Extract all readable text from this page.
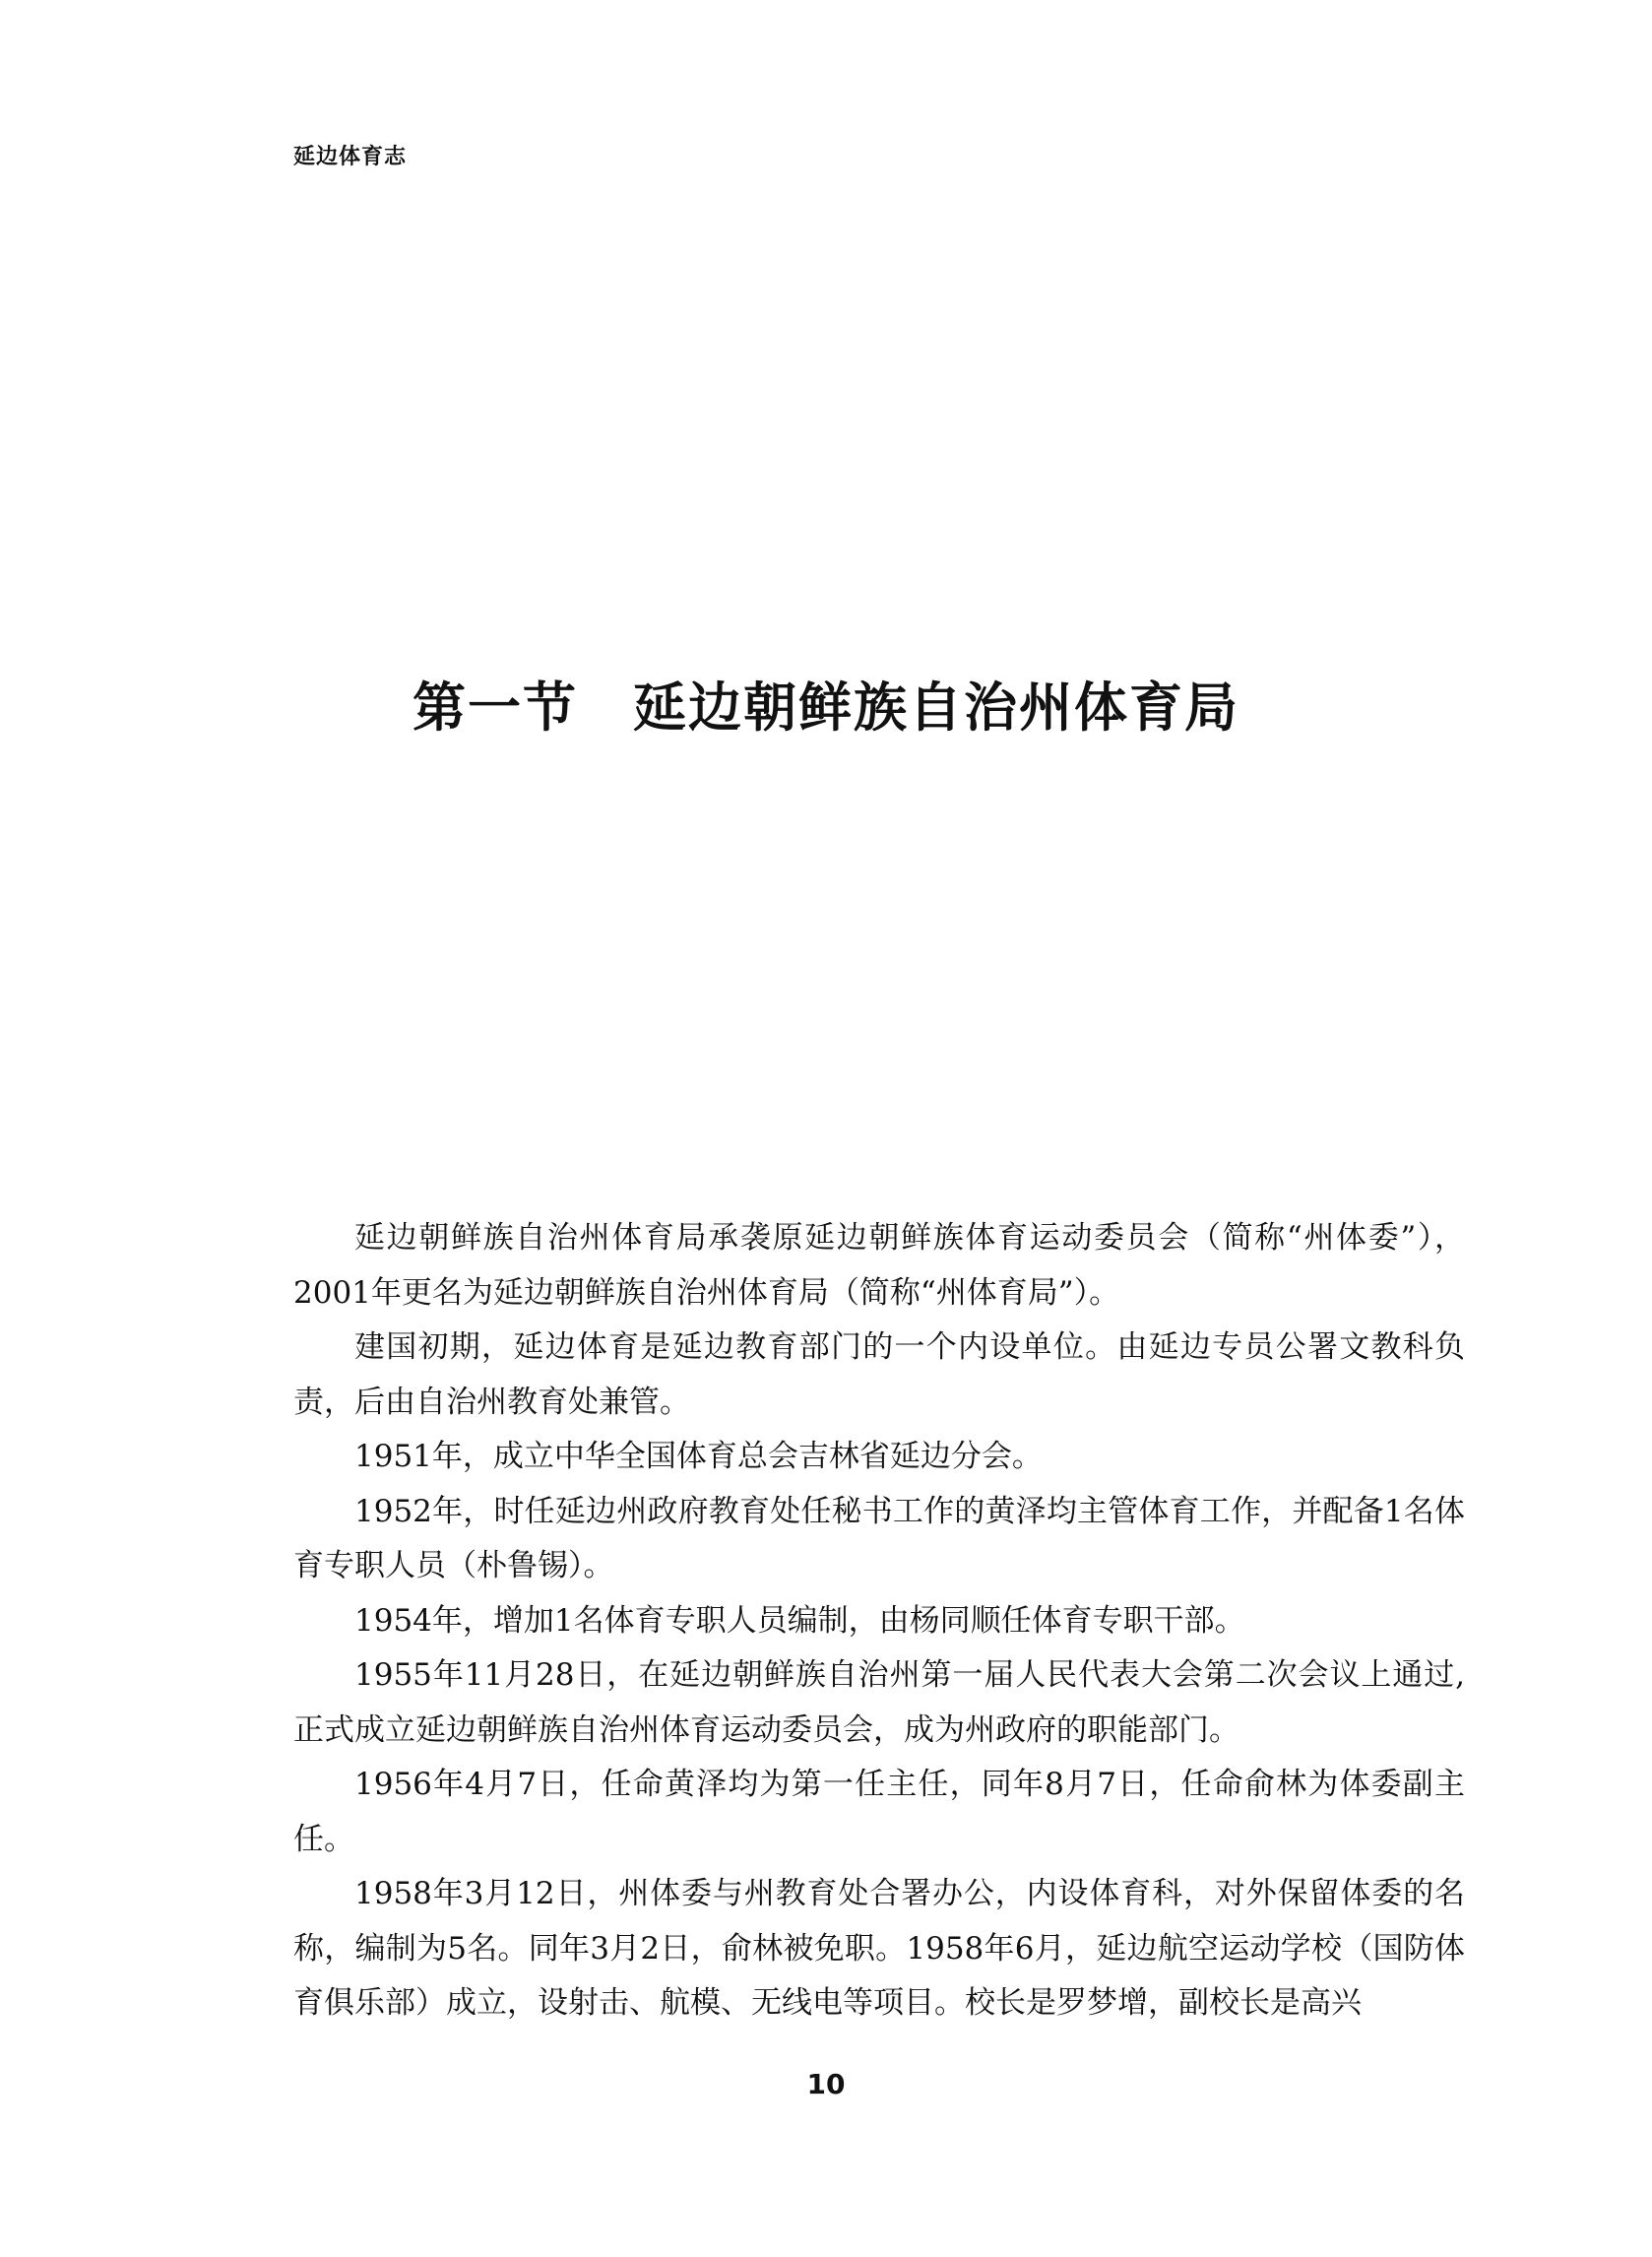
延边体育志
第一节　延边朝鲜族自治州体育局

延边朝鲜族自治州体育局承袭原延边朝鲜族体育运动委员会（简称“州体委”），2001年更名为延边朝鲜族自治州体育局（简称“州体育局”）。

建国初期，延边体育是延边教育部门的一个内设单位。由延边专员公署文教科负责，后由自治州教育处兼管。

1951年，成立中华全国体育总会吉林省延边分会。

1952年，时任延边州政府教育处任秘书工作的黄泽均主管体育工作，并配备1名体育专职人员（朴鲁锡）。

1954年，增加1名体育专职人员编制，由杨同顺任体育专职干部。

1955年11月28日，在延边朝鲜族自治州第一届人民代表大会第二次会议上通过,正式成立延边朝鲜族自治州体育运动委员会，成为州政府的职能部门。

1956年4月7日，任命黄泽均为第一任主任，同年8月7日，任命俞林为体委副主任。

1958年3月12日，州体委与州教育处合署办公，内设体育科，对外保留体委的名称，编制为5名。同年3月2日，俞林被免职。1958年6月，延边航空运动学校（国防体育俱乐部）成立，设射击、航模、无线电等项目。校长是罗梦增，副校长是高兴

10
